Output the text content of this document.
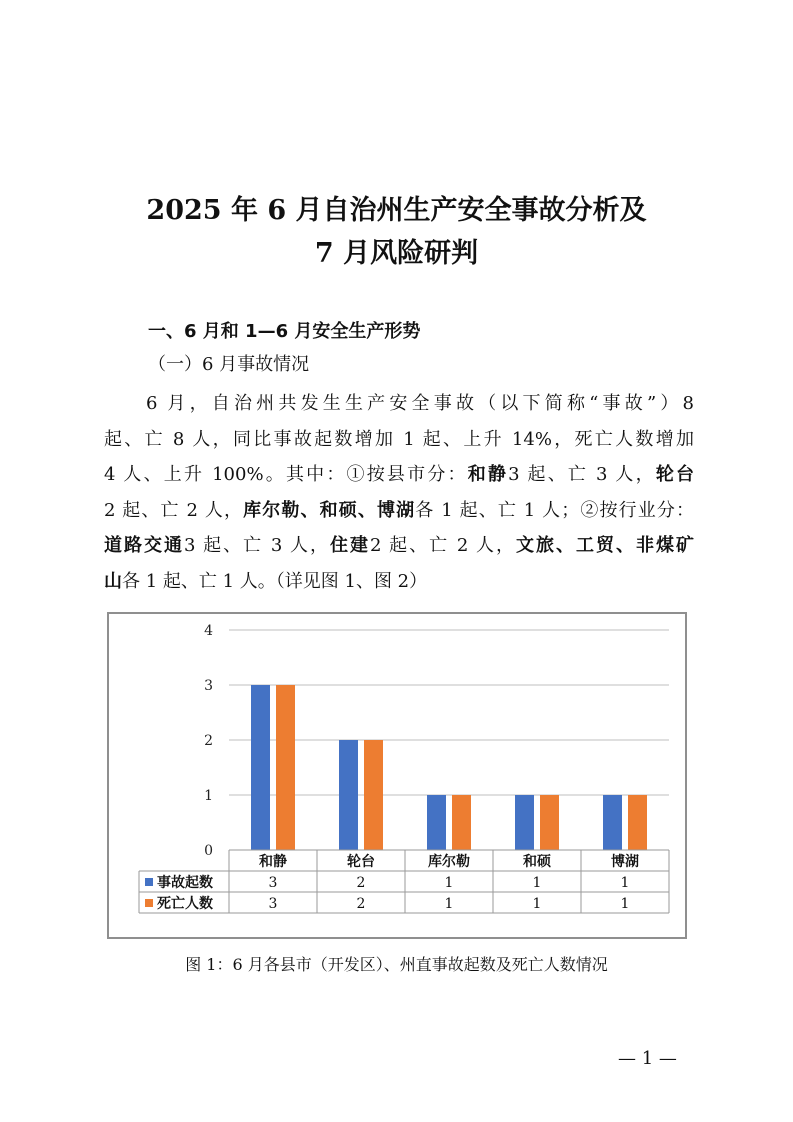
2025 年 6 月自治州生产安全事故分析及
7 月风险研判
一、6 月和 1—6 月安全生产形势
（一）6 月事故情况
6 月，自治州共发生生产安全事故（以下简称“事故”）8
起、亡 8 人，同比事故起数增加 1 起、上升 14%，死亡人数增加
4 人、上升 100%。其中：①按县市分：和静3 起、亡 3 人，轮台
2 起、亡 2 人，库尔勒、和硕、博湖各 1 起、亡 1 人；②按行业分：
道路交通3 起、亡 3 人，住建2 起、亡 2 人，文旅、工贸、非煤矿
山各 1 起、亡 1 人。（详见图 1、图 2）
0
1
2
3
4
和静	轮台	库尔勒	和硕	博湖
事故起数	3	2	1	1	1
死亡人数	3	2	1	1	1
图 1：6 月各县市（开发区）、州直事故起数及死亡人数情况
— 1 —
